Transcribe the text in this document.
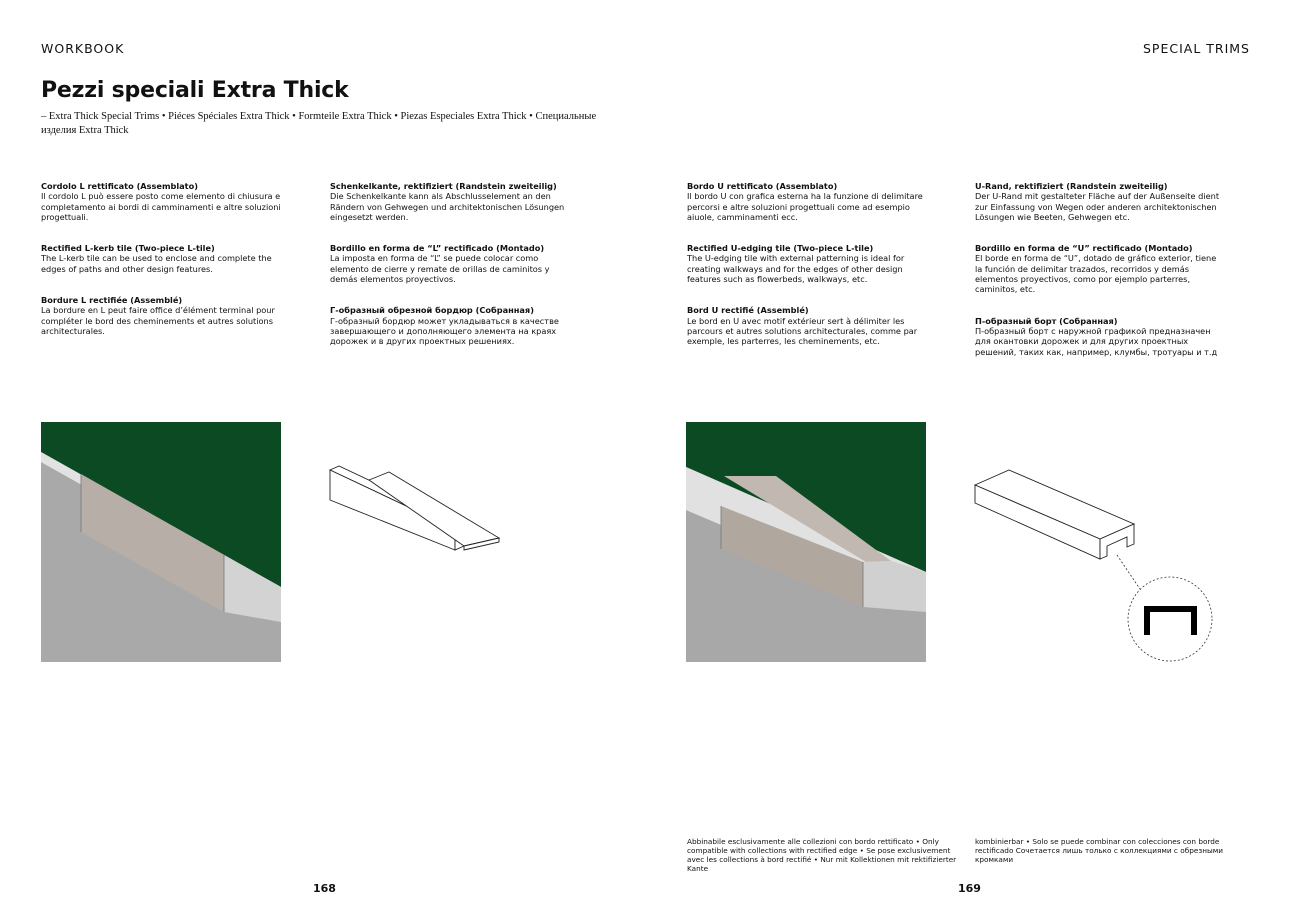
WORKBOOK	SPECIAL TRIMS
Pezzi speciali Extra Thick
– Extra Thick Special Trims • Piéces Spéciales Extra Thick • Formteile Extra Thick • Piezas Especiales Extra Thick • Специальные изделия Extra Thick
Cordolo L rettificato (Assemblato)
Il cordolo L può essere posto come elemento di chiusura e completamento ai bordi di camminamenti e altre soluzioni progettuali.
Rectified L-kerb tile (Two-piece L-tile)
The L-kerb tile can be used to enclose and complete the edges of paths and other design features.
Bordure L rectifiée (Assemblé)
La bordure en L peut faire office d’élément terminal pour compléter le bord des cheminements et autres solutions architecturales.
Schenkelkante, rektifiziert (Randstein zweiteilig)
Die Schenkelkante kann als Abschlusselement an den Rändern von Gehwegen und architektonischen Lösungen eingesetzt werden.
Bordillo en forma de “L” rectificado (Montado)
La imposta en forma de “L” se puede colocar como elemento de cierre y remate de orillas de caminitos y demás elementos proyectivos.
Г-образный обрезной бордюр (Собранная)
Г-образный бордюр может укладываться в качестве завершающего и дополняющего элемента на краях дорожек и в других проектных решениях.
Bordo U rettificato (Assemblato)
Il bordo U con grafica esterna ha la funzione di delimitare percorsi e altre soluzioni progettuali come ad esempio aiuole, camminamenti ecc.
Rectified U-edging tile (Two-piece L-tile)
The U-edging tile with external patterning is ideal for creating walkways and for the edges of other design features such as flowerbeds, walkways, etc.
Bord U rectifié (Assemblé)
Le bord en U avec motif extérieur sert à délimiter les parcours et autres solutions architecturales, comme par exemple, les parterres, les cheminements, etc.
U-Rand, rektifiziert (Randstein zweiteilig)
Der U-Rand mit gestalteter Fläche auf der Außenseite dient zur Einfassung von Wegen oder anderen architektonischen Lösungen wie Beeten, Gehwegen etc.
Bordillo en forma de “U” rectificado (Montado)
El borde en forma de “U”, dotado de gráfico exterior, tiene la función de delimitar trazados, recorridos y demás elementos proyectivos, como por ejemplo parterres, caminitos, etc.
П-образный борт (Собранная)
П-образный борт с наружной графикой предназначен для окантовки дорожек и для других проектных решений, таких как, например, клумбы, тротуары и т.д
Abbinabile esclusivamente alle collezioni con bordo rettificato • Only compatible with collections with rectified edge • Se pose exclusivement avec les collections à bord rectifié • Nur mit Kollektionen mit rektifizierter Kante
kombinierbar • Solo se puede combinar con colecciones con borde rectificado Сочетается лишь только с коллекциями с обрезными кромками
168	169
